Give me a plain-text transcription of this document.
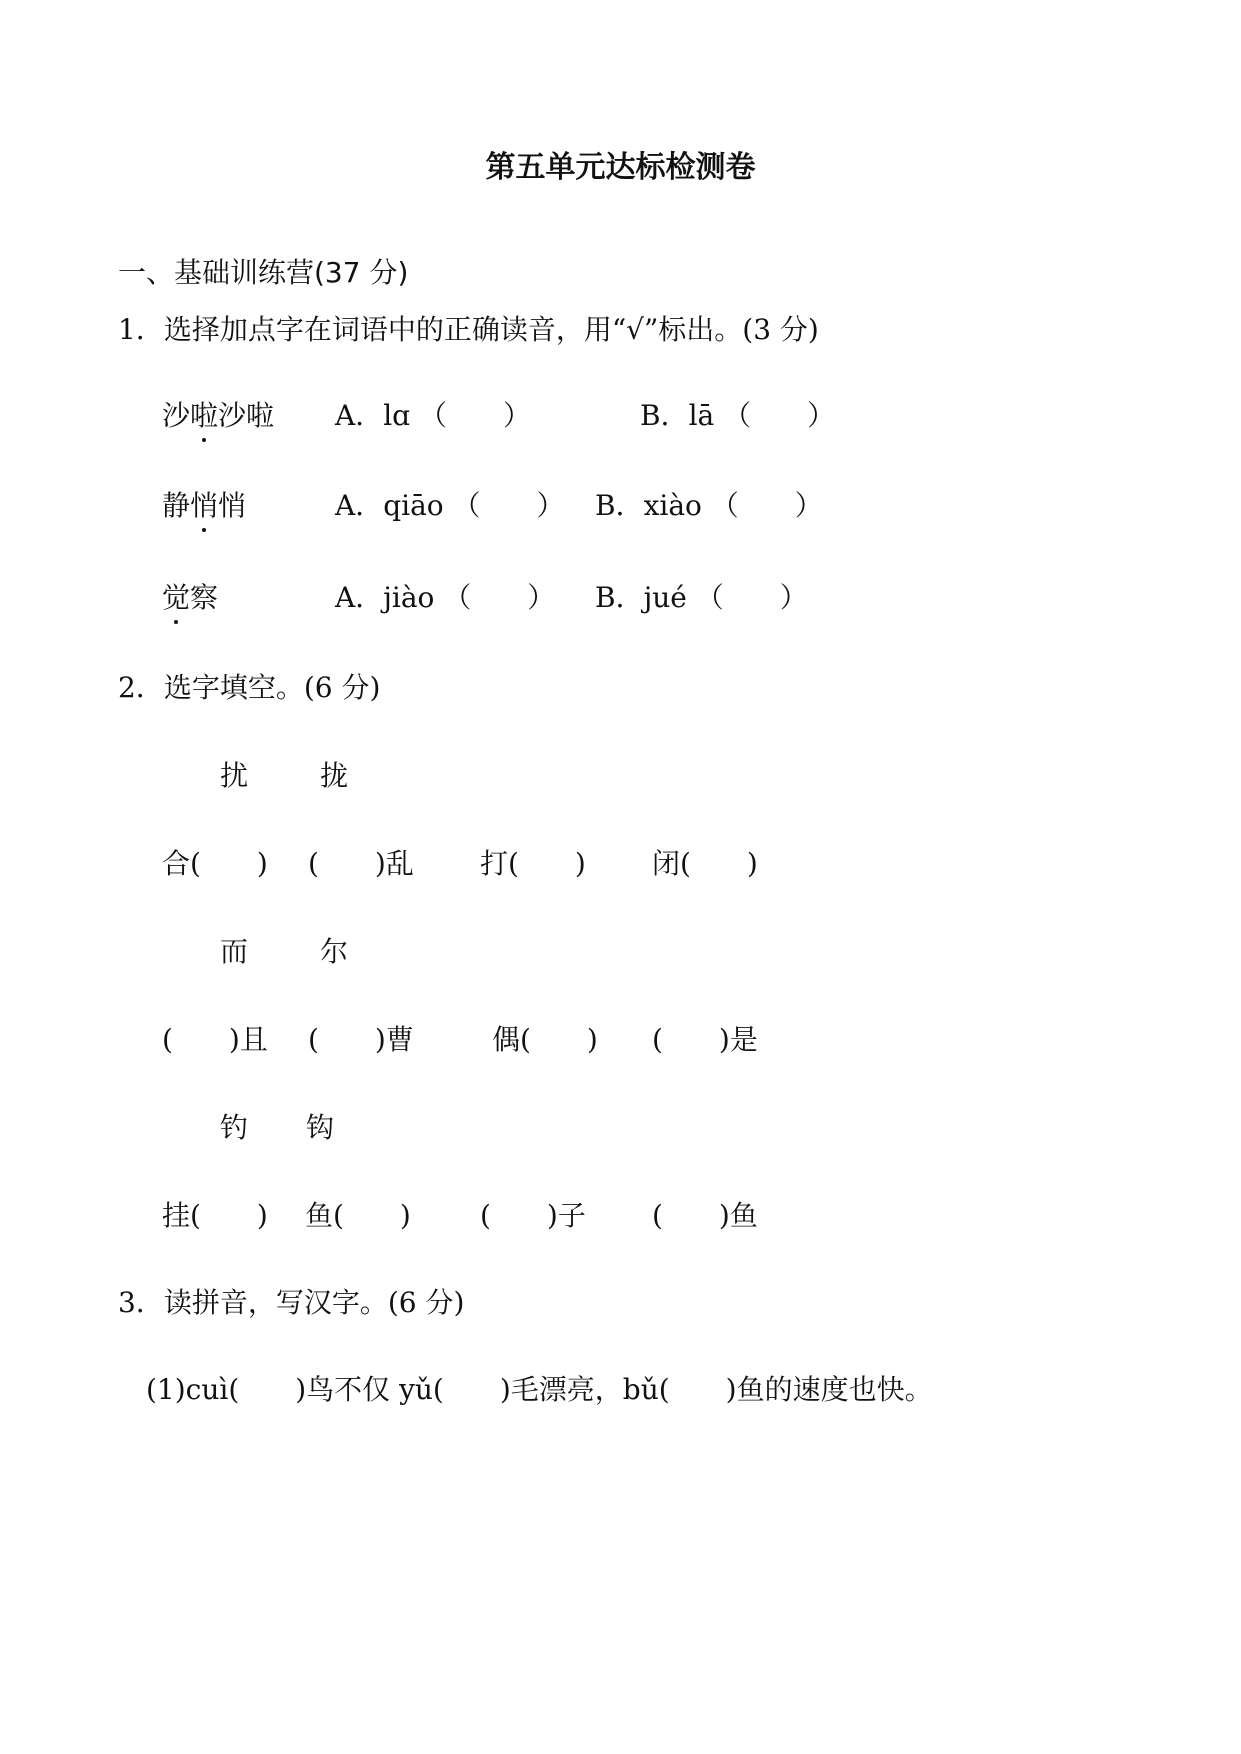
第五单元达标检测卷
一、基础训练营(37 分)
1．选择加点字在词语中的正确读音，用“√”标出。(3 分)
沙啦沙啦 A．lɑ （　　）	B．lā （　　）
静悄悄	A．qiāo （　　） B．xiào （　　）
觉察	A．jiào （　　） B．jué （　　）
2．选字填空。(6 分)
扰	拢
合(　　) (　　)乱 打(　　) 闭(　　)
而	尔
(　　)且 (　　)曹	偶(　　) (　　)是
钓 钩
挂(　　) 鱼(　　) (　　)子 (　　)鱼
3．读拼音，写汉字。(6 分)
(1)cuì(　　)鸟不仅 yǔ(　　)毛漂亮，bǔ(　　)鱼的速度也快。
